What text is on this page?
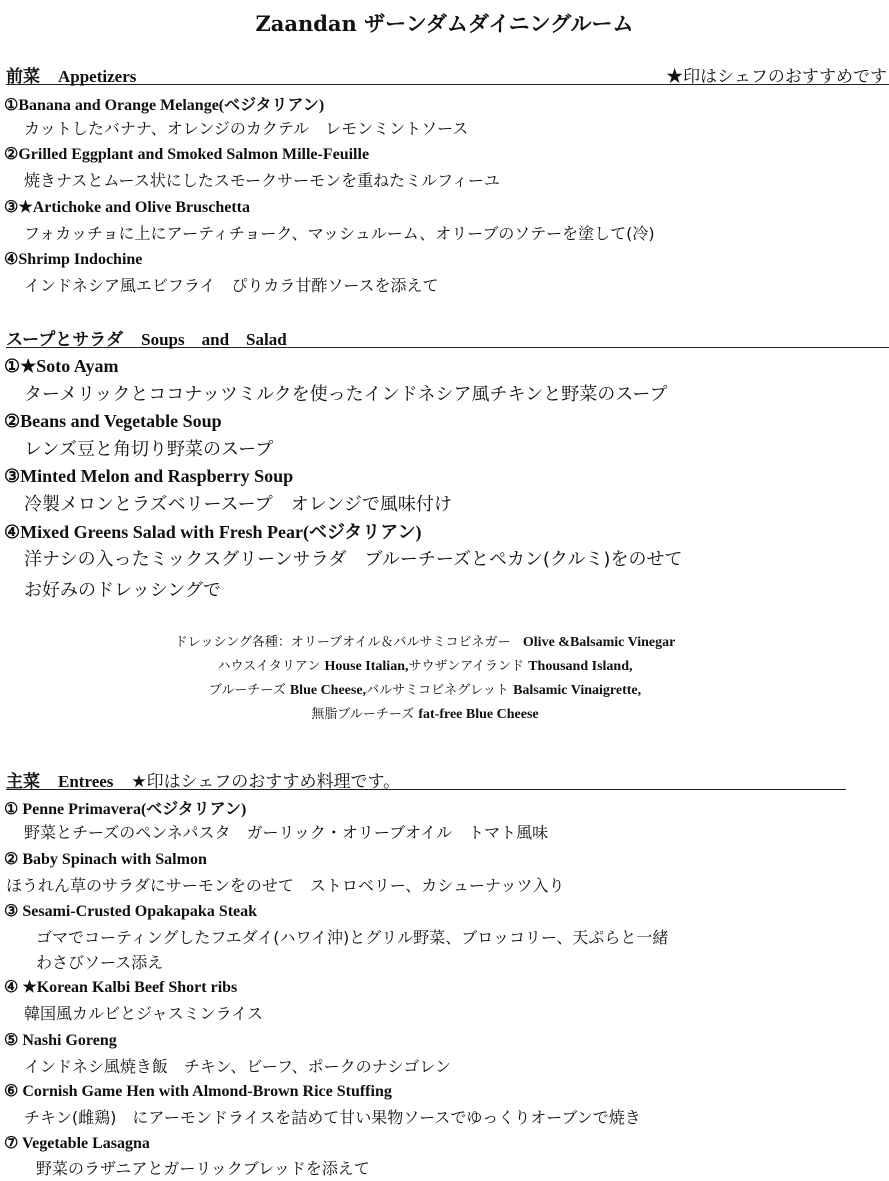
Zaandan ザーンダムダイニングルーム
前菜 Appetizers	★印はシェフのおすすめです
①Banana and Orange Melange(ベジタリアン)
カットしたバナナ、オレンジのカクテル　レモンミントソース
②Grilled Eggplant and Smoked Salmon Mille-Feuille
焼きナスとムース状にしたスモークサーモンを重ねたミルフィーユ
③★Artichoke and Olive Bruschetta
フォカッチョに上にアーティチョーク、マッシュルーム、オリーブのソテーを塗して(冷)
④Shrimp Indochine
インドネシア風エビフライ　ぴりカラ甘酢ソースを添えて
スープとサラダ Soups　and　Salad
①★Soto Ayam
ターメリックとココナッツミルクを使ったインドネシア風チキンと野菜のスープ
②Beans and Vegetable Soup
レンズ豆と角切り野菜のスープ
③Minted Melon and Raspberry Soup
冷製メロンとラズベリースープ　オレンジで風味付け
④Mixed Greens Salad with Fresh Pear(ベジタリアン)
洋ナシの入ったミックスグリーンサラダ　ブルーチーズとペカン(クルミ)をのせて
お好みのドレッシングで
ドレッシング各種：オリーブオイル＆バルサミコビネガー Olive &Balsamic Vinegar
ハウスイタリアン House Italian,サウザンアイランド Thousand Island,
ブルーチーズ Blue Cheese,バルサミコビネグレット Balsamic Vinaigrette,
無脂ブルーチーズ fat-free Blue Cheese
主菜 Entrees ★印はシェフのおすすめ料理です。
① Penne Primavera(ベジタリアン)
野菜とチーズのペンネパスタ　ガーリック・オリーブオイル　トマト風味
② Baby Spinach with Salmon
ほうれん草のサラダにサーモンをのせて　ストロベリー、カシューナッツ入り
③ Sesami-Crusted Opakapaka Steak
ゴマでコーティングしたフエダイ(ハワイ沖)とグリル野菜、ブロッコリー、天ぷらと一緒
わさびソース添え
④ ★Korean Kalbi Beef Short ribs
韓国風カルビとジャスミンライス
⑤ Nashi Goreng
インドネシ風焼き飯　チキン、ビーフ、ポークのナシゴレン
⑥ Cornish Game Hen with Almond-Brown Rice Stuffing
チキン(雌鶏)　にアーモンドライスを詰めて甘い果物ソースでゆっくりオーブンで焼き
⑦ Vegetable Lasagna
野菜のラザニアとガーリックブレッドを添えて
